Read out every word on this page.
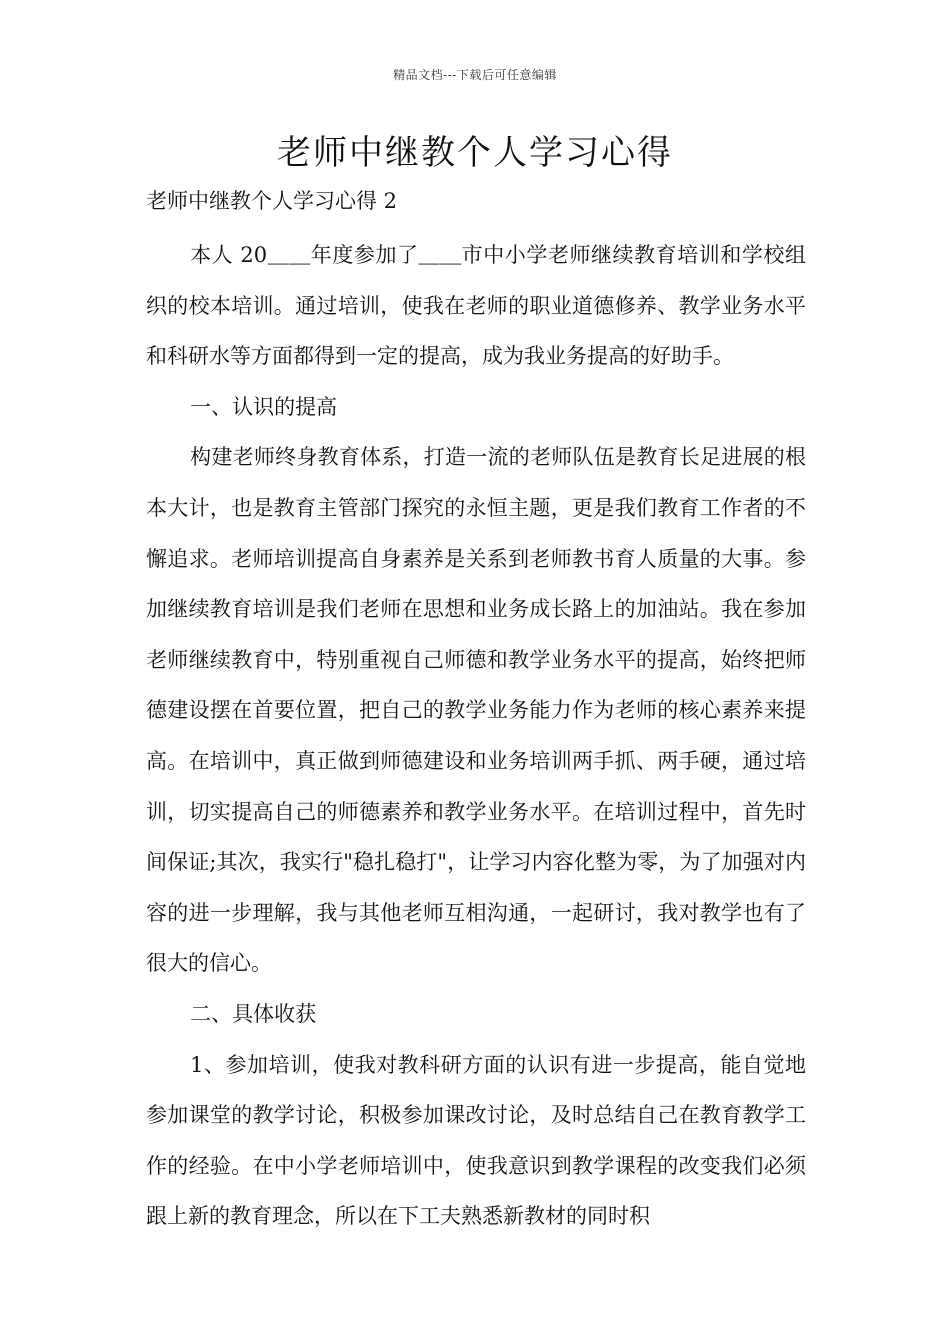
精品文档---下载后可任意编辑
老师中继教个人学习心得
老师中继教个人学习心得 2

本人 20＿＿年度参加了＿＿市中小学老师继续教育培训和学校组织的校本培训。通过培训，使我在老师的职业道德修养、教学业务水平和科研水等方面都得到一定的提高，成为我业务提高的好助手。

一、认识的提高

构建老师终身教育体系，打造一流的老师队伍是教育长足进展的根本大计，也是教育主管部门探究的永恒主题，更是我们教育工作者的不懈追求。老师培训提高自身素养是关系到老师教书育人质量的大事。参加继续教育培训是我们老师在思想和业务成长路上的加油站。我在参加老师继续教育中，特别重视自己师德和教学业务水平的提高，始终把师德建设摆在首要位置，把自己的教学业务能力作为老师的核心素养来提高。在培训中，真正做到师德建设和业务培训两手抓、两手硬，通过培训，切实提高自己的师德素养和教学业务水平。在培训过程中，首先时间保证;其次，我实行"稳扎稳打"，让学习内容化整为零，为了加强对内容的进一步理解，我与其他老师互相沟通，一起研讨，我对教学也有了很大的信心。

二、具体收获

1、参加培训，使我对教科研方面的认识有进一步提高，能自觉地参加课堂的教学讨论，积极参加课改讨论，及时总结自己在教育教学工作的经验。在中小学老师培训中，使我意识到教学课程的改变我们必须跟上新的教育理念，所以在下工夫熟悉新教材的同时积
